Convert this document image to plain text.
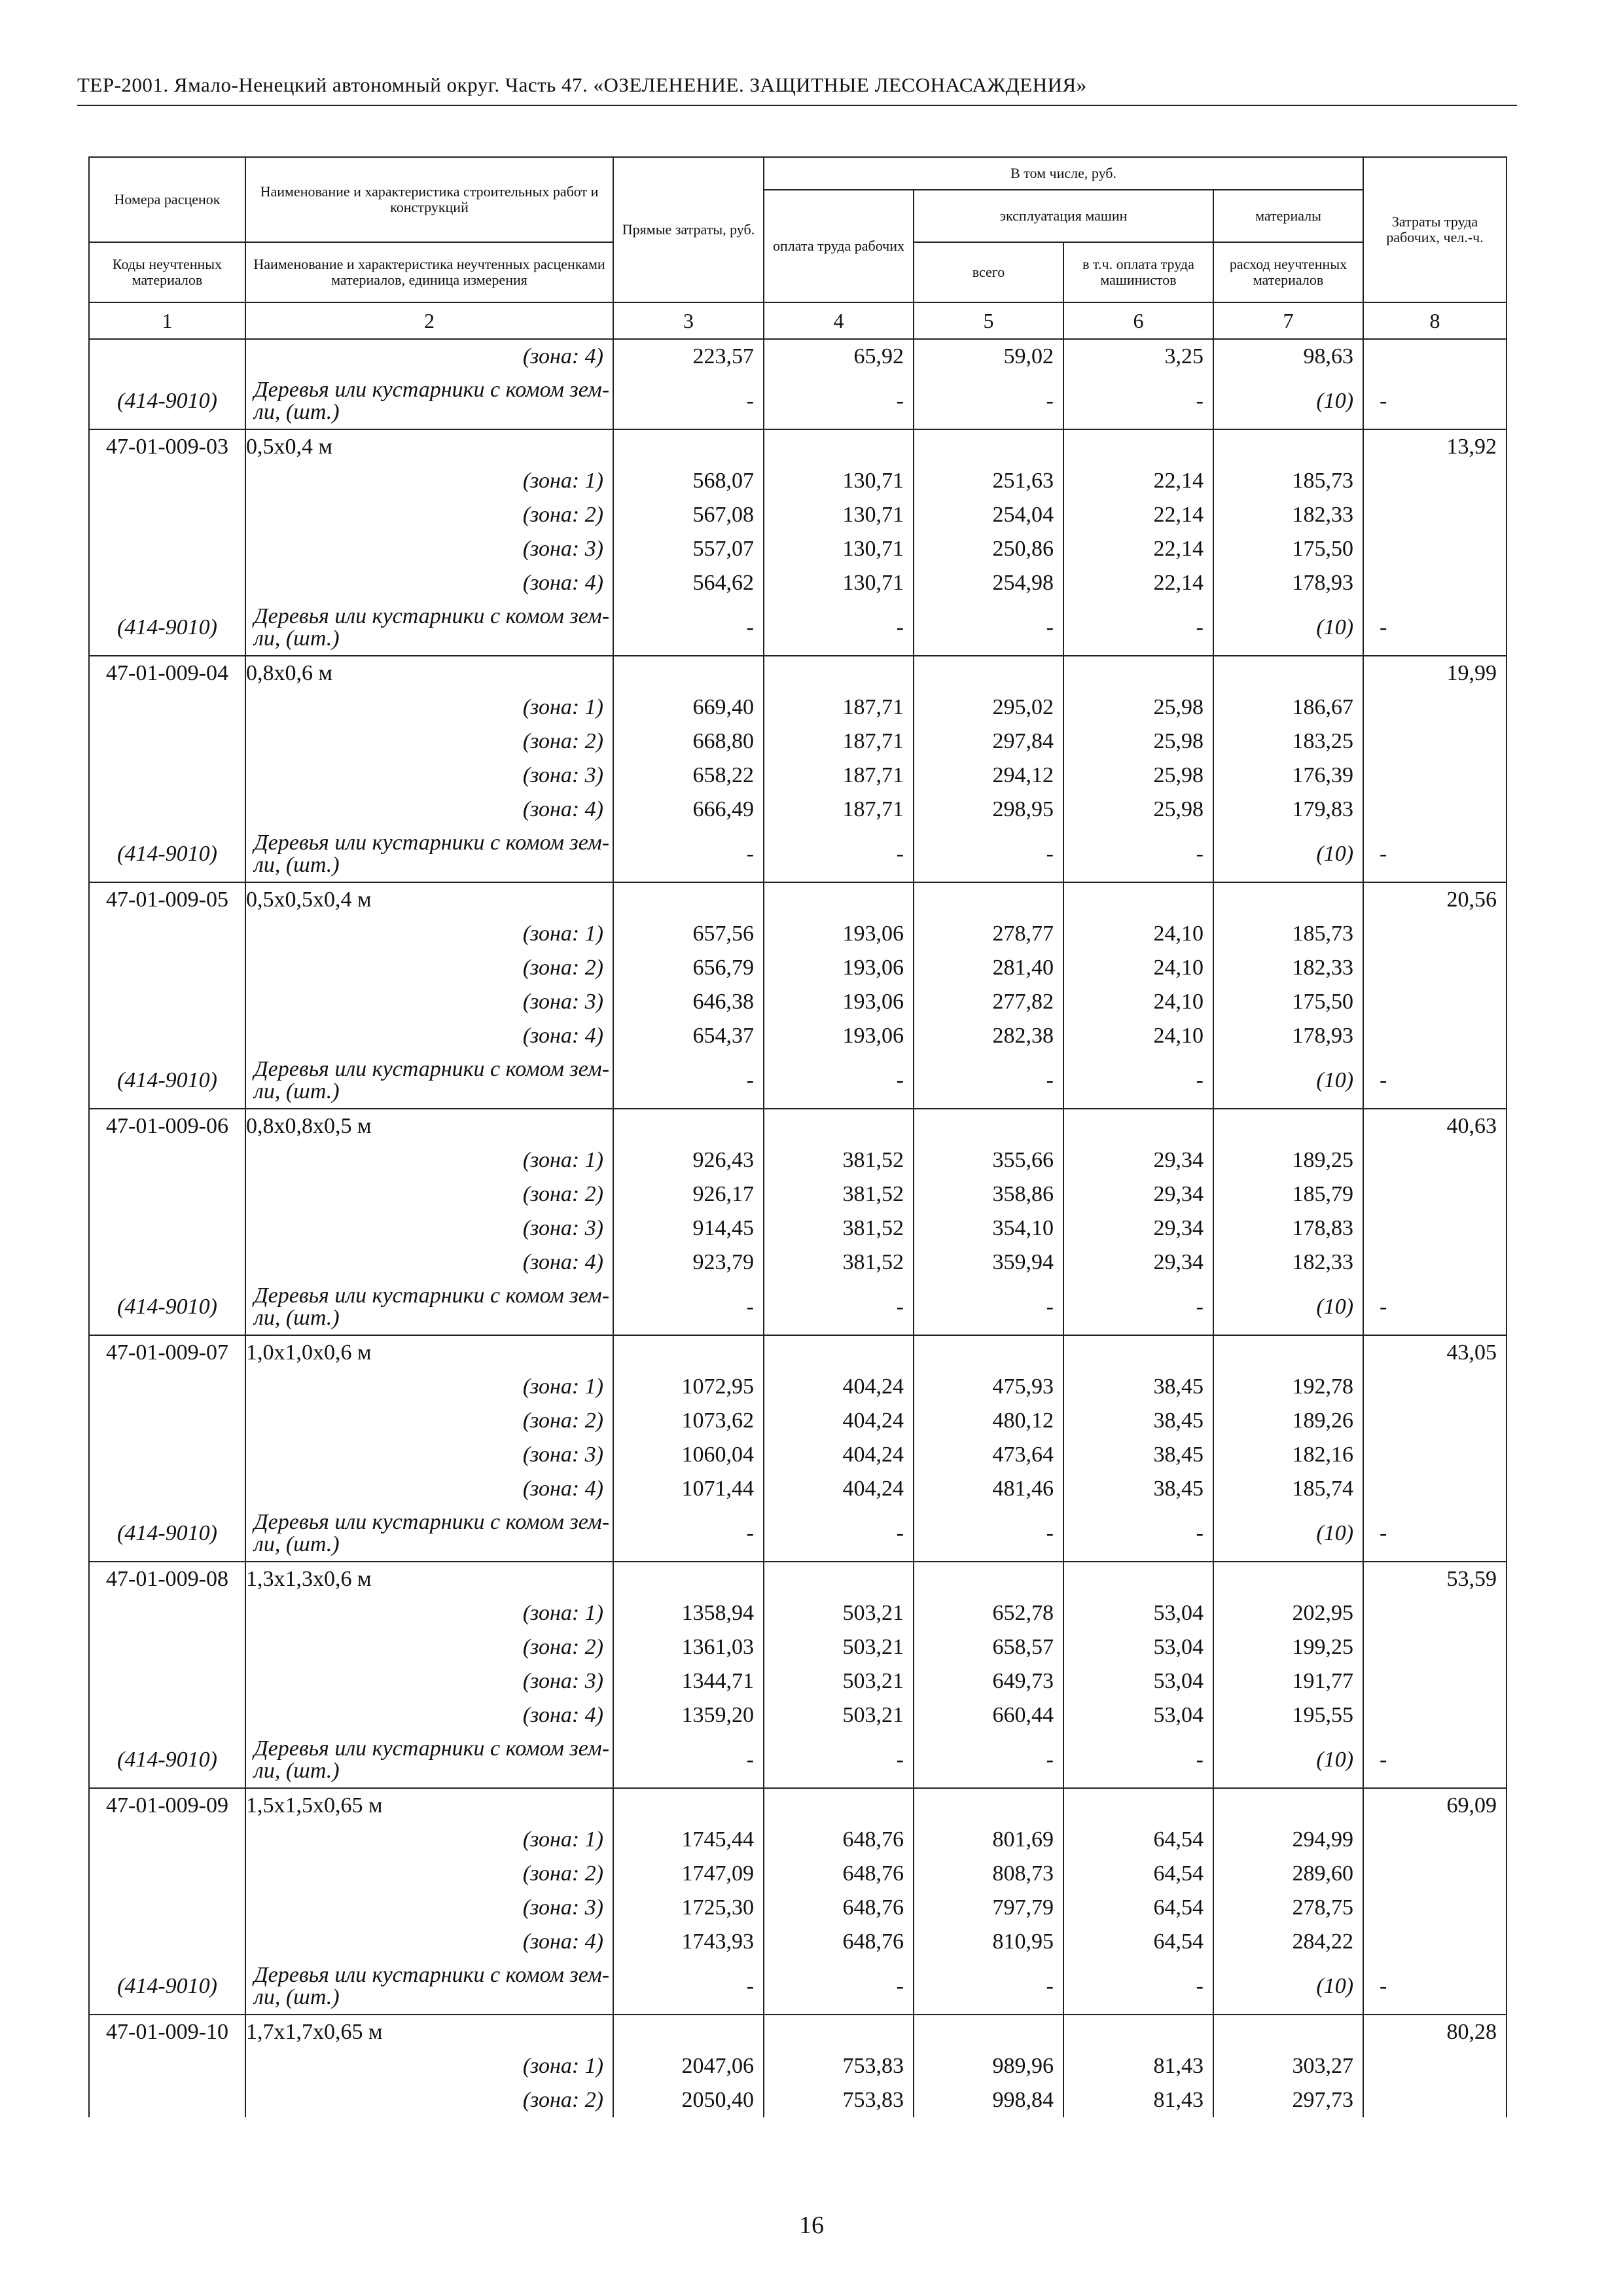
ТЕР-2001. Ямало-Ненецкий автономный округ. Часть 47. «ОЗЕЛЕНЕНИЕ. ЗАЩИТНЫЕ ЛЕСОНАСАЖДЕНИЯ»
Номера расценок	Наименование и характеристика строительных работ и конструкций	Прямые затраты, руб.	В том числе, руб.				Затраты труда рабочих, чел.-ч.
			оплата труда рабочих	эксплуатация машин		материалы	
Коды неучтенных материалов	Наименование и характеристика неучтенных расценками материалов, единица измерения			всего	в т.ч. оплата труда машинистов	расход неучтенных материалов	
1	2	3	4	5	6	7	8
	(зона: 4)	223,57	65,92	59,02	3,25	98,63	
(414-9010)	Деревья или кустарники с комом зем-ли, (шт.)	-	-	-	-	(10)	-
47-01-009-03	0,5x0,4 м						13,92
	(зона: 1)	568,07	130,71	251,63	22,14	185,73	
	(зона: 2)	567,08	130,71	254,04	22,14	182,33	
	(зона: 3)	557,07	130,71	250,86	22,14	175,50	
	(зона: 4)	564,62	130,71	254,98	22,14	178,93	
(414-9010)	Деревья или кустарники с комом зем-ли, (шт.)	-	-	-	-	(10)	-
47-01-009-04	0,8x0,6 м						19,99
	(зона: 1)	669,40	187,71	295,02	25,98	186,67	
	(зона: 2)	668,80	187,71	297,84	25,98	183,25	
	(зона: 3)	658,22	187,71	294,12	25,98	176,39	
	(зона: 4)	666,49	187,71	298,95	25,98	179,83	
(414-9010)	Деревья или кустарники с комом зем-ли, (шт.)	-	-	-	-	(10)	-
47-01-009-05	0,5x0,5x0,4 м						20,56
	(зона: 1)	657,56	193,06	278,77	24,10	185,73	
	(зона: 2)	656,79	193,06	281,40	24,10	182,33	
	(зона: 3)	646,38	193,06	277,82	24,10	175,50	
	(зона: 4)	654,37	193,06	282,38	24,10	178,93	
(414-9010)	Деревья или кустарники с комом зем-ли, (шт.)	-	-	-	-	(10)	-
47-01-009-06	0,8x0,8x0,5 м						40,63
	(зона: 1)	926,43	381,52	355,66	29,34	189,25	
	(зона: 2)	926,17	381,52	358,86	29,34	185,79	
	(зона: 3)	914,45	381,52	354,10	29,34	178,83	
	(зона: 4)	923,79	381,52	359,94	29,34	182,33	
(414-9010)	Деревья или кустарники с комом зем-ли, (шт.)	-	-	-	-	(10)	-
47-01-009-07	1,0x1,0x0,6 м						43,05
	(зона: 1)	1072,95	404,24	475,93	38,45	192,78	
	(зона: 2)	1073,62	404,24	480,12	38,45	189,26	
	(зона: 3)	1060,04	404,24	473,64	38,45	182,16	
	(зона: 4)	1071,44	404,24	481,46	38,45	185,74	
(414-9010)	Деревья или кустарники с комом зем-ли, (шт.)	-	-	-	-	(10)	-
47-01-009-08	1,3x1,3x0,6 м						53,59
	(зона: 1)	1358,94	503,21	652,78	53,04	202,95	
	(зона: 2)	1361,03	503,21	658,57	53,04	199,25	
	(зона: 3)	1344,71	503,21	649,73	53,04	191,77	
	(зона: 4)	1359,20	503,21	660,44	53,04	195,55	
(414-9010)	Деревья или кустарники с комом зем-ли, (шт.)	-	-	-	-	(10)	-
47-01-009-09	1,5x1,5x0,65 м						69,09
	(зона: 1)	1745,44	648,76	801,69	64,54	294,99	
	(зона: 2)	1747,09	648,76	808,73	64,54	289,60	
	(зона: 3)	1725,30	648,76	797,79	64,54	278,75	
	(зона: 4)	1743,93	648,76	810,95	64,54	284,22	
(414-9010)	Деревья или кустарники с комом зем-ли, (шт.)	-	-	-	-	(10)	-
47-01-009-10	1,7x1,7x0,65 м						80,28
	(зона: 1)	2047,06	753,83	989,96	81,43	303,27	
	(зона: 2)	2050,40	753,83	998,84	81,43	297,73	
16
